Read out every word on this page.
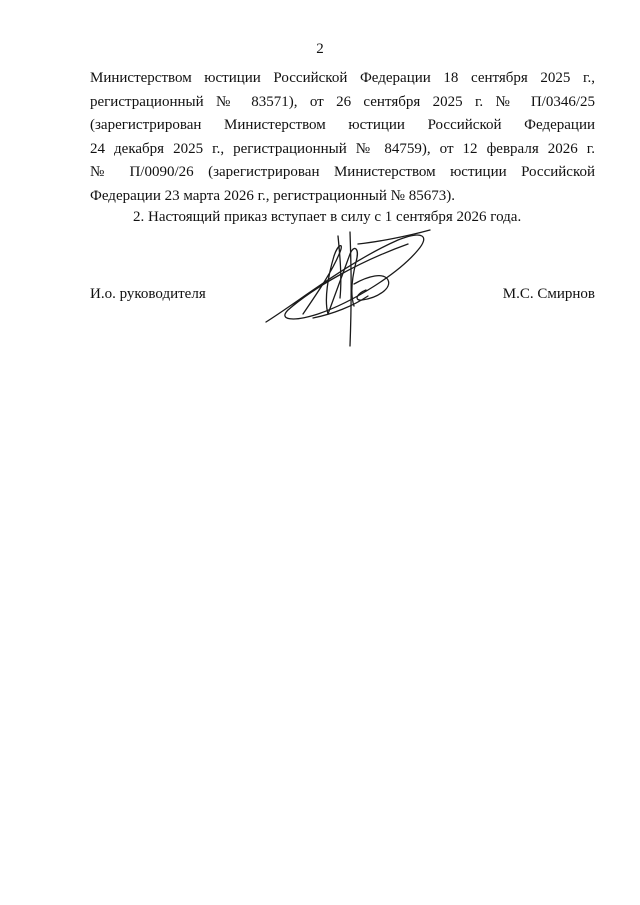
2
Министерством юстиции Российской Федерации 18 сентября 2025 г.,
регистрационный № 83571), от 26 сентября 2025 г. № П/0346/25
(зарегистрирован Министерством юстиции Российской Федерации
24 декабря 2025 г., регистрационный № 84759), от 12 февраля 2026 г.
№ П/0090/26 (зарегистрирован Министерством юстиции Российской
Федерации 23 марта 2026 г., регистрационный № 85673).
2. Настоящий приказ вступает в силу с 1 сентября 2026 года.
И.о. руководителя	М.С. Смирнов
